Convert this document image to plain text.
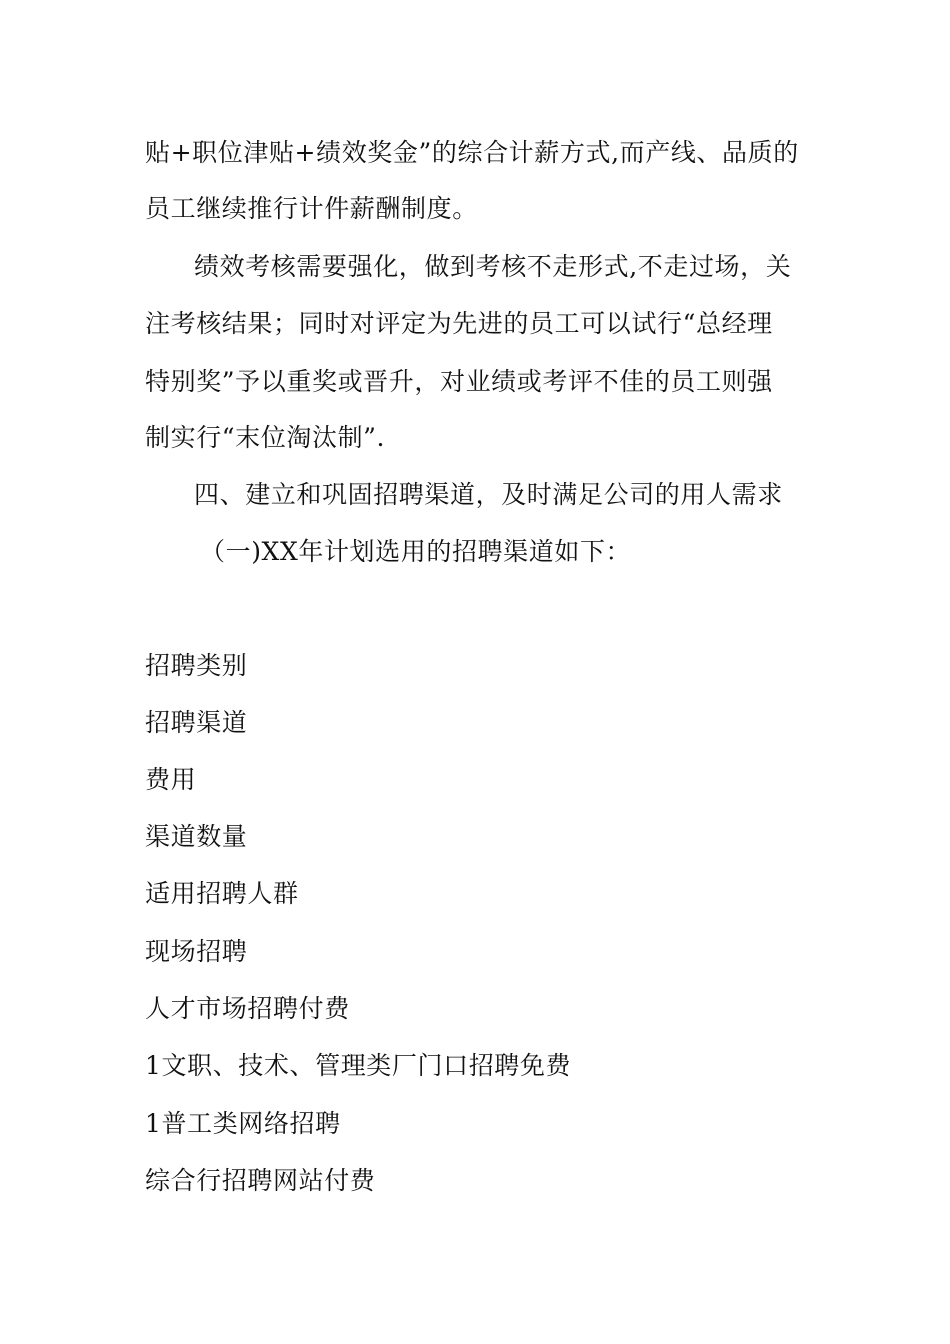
贴+职位津贴+绩效奖金”的综合计薪方式,而产线、品质的
员工继续推行计件薪酬制度。
绩效考核需要强化，做到考核不走形式,不走过场，关
注考核结果；同时对评定为先进的员工可以试行“总经理
特别奖”予以重奖或晋升，对业绩或考评不佳的员工则强
制实行“末位淘汰制”.
四、建立和巩固招聘渠道，及时满足公司的用人需求
（一)XX年计划选用的招聘渠道如下：
招聘类别
招聘渠道
费用
渠道数量
适用招聘人群
现场招聘
人才市场招聘付费
1文职、技术、管理类厂门口招聘免费
1普工类网络招聘
综合行招聘网站付费
